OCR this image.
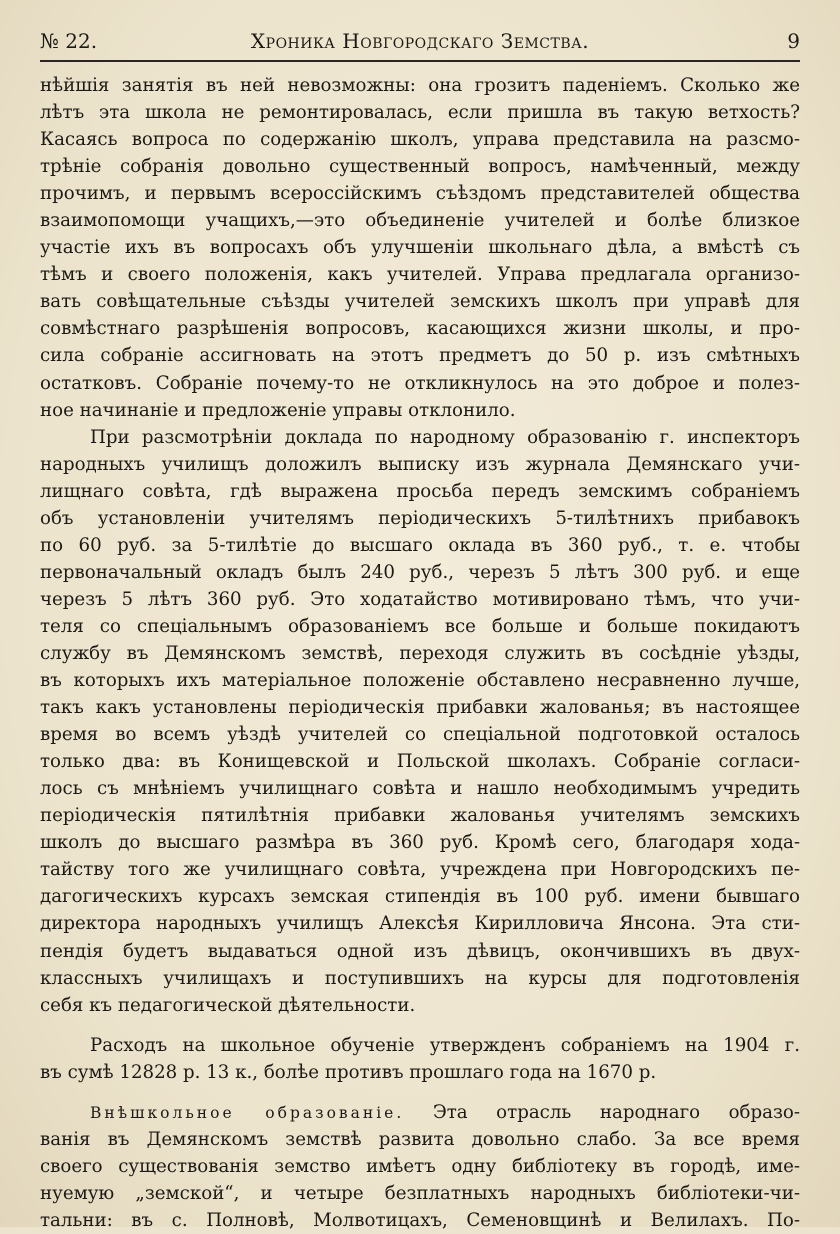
№ 22.	Хроника Новгородскаго Земства.	9
нѣйшія занятія въ ней невозможны: она грозитъ паденіемъ. Сколько же
лѣтъ эта школа не ремонтировалась, если пришла въ такую ветхость?
Касаясь вопроса по содержанію школъ, управа представила на разсмо-
трѣніе собранія довольно существенный вопросъ, намѣченный, между
прочимъ, и первымъ всероссійскимъ съѣздомъ представителей общества
взаимопомощи учащихъ,—это объединеніе учителей и болѣе близкое
участіе ихъ въ вопросахъ объ улучшеніи школьнаго дѣла, а вмѣстѣ съ
тѣмъ и своего положенія, какъ учителей. Управа предлагала организо-
вать совѣщательные съѣзды учителей земскихъ школъ при управѣ для
совмѣстнаго разрѣшенія вопросовъ, касающихся жизни школы, и про-
сила собраніе ассигновать на этотъ предметъ до 50 р. изъ смѣтныхъ
остатковъ. Собраніе почему-то не откликнулось на это доброе и полез-
ное начинаніе и предложеніе управы отклонило.
При разсмотрѣніи доклада по народному образованію г. инспекторъ
народныхъ училищъ доложилъ выписку изъ журнала Демянскаго учи-
лищнаго совѣта, гдѣ выражена просьба передъ земскимъ собраніемъ
объ установленіи учителямъ періодическихъ 5-тилѣтнихъ прибавокъ
по 60 руб. за 5-тилѣтіе до высшаго оклада въ 360 руб., т. е. чтобы
первоначальный окладъ былъ 240 руб., черезъ 5 лѣтъ 300 руб. и еще
черезъ 5 лѣтъ 360 руб. Это ходатайство мотивировано тѣмъ, что учи-
теля со спеціальнымъ образованіемъ все больше и больше покидаютъ
службу въ Демянскомъ земствѣ, переходя служить въ сосѣдніе уѣзды,
въ которыхъ ихъ матеріальное положеніе обставлено несравненно лучше,
такъ какъ установлены періодическія прибавки жалованья; въ настоящее
время во всемъ уѣздѣ учителей со спеціальной подготовкой осталось
только два: въ Конищевской и Польской школахъ. Собраніе согласи-
лось съ мнѣніемъ училищнаго совѣта и нашло необходимымъ учредить
періодическія пятилѣтнія прибавки жалованья учителямъ земскихъ
школъ до высшаго размѣра въ 360 руб. Кромѣ сего, благодаря хода-
тайству того же училищнаго совѣта, учреждена при Новгородскихъ пе-
дагогическихъ курсахъ земская стипендія въ 100 руб. имени бывшаго
директора народныхъ училищъ Алексѣя Кирилловича Янсона. Эта сти-
пендія будетъ выдаваться одной изъ дѣвицъ, окончившихъ въ двух-
классныхъ училищахъ и поступившихъ на курсы для подготовленія
себя къ педагогической дѣятельности.
Расходъ на школьное обученіе утвержденъ собраніемъ на 1904 г.
въ сумѣ 12828 р. 13 к., болѣе противъ прошлаго года на 1670 р.
Внѣшкольное образованіе. Эта отрасль народнаго образо-
ванія въ Демянскомъ земствѣ развита довольно слабо. За все время
своего существованія земство имѣетъ одну библіотеку въ городѣ, име-
нуемую „земской“, и четыре безплатныхъ народныхъ библіотеки-чи-
тальни: въ с. Полновѣ, Молвотицахъ, Семеновщинѣ и Велилахъ. По-
